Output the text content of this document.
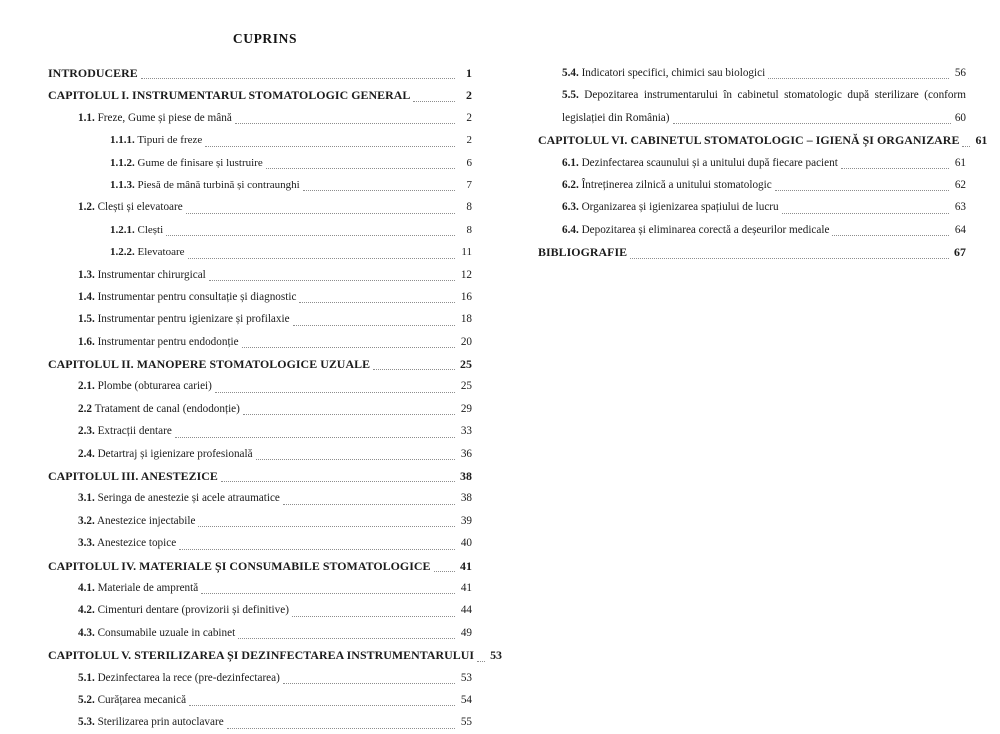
CUPRINS
INTRODUCERE	1
CAPITOLUL I. INSTRUMENTARUL STOMATOLOGIC GENERAL	2
1.1. Freze, Gume și piese de mână	2
1.1.1. Tipuri de freze	2
1.1.2. Gume de finisare și lustruire	6
1.1.3. Piesă de mână turbină și contraunghi	7
1.2. Clești și elevatoare	8
1.2.1. Clești	8
1.2.2. Elevatoare	11
1.3. Instrumentar chirurgical	12
1.4. Instrumentar pentru consultație și diagnostic	16
1.5. Instrumentar pentru igienizare și profilaxie	18
1.6. Instrumentar pentru endodonție	20
CAPITOLUL II. MANOPERE STOMATOLOGICE UZUALE	25
2.1. Plombe (obturarea cariei)	25
2.2 Tratament de canal (endodonție)	29
2.3. Extracții dentare	33
2.4. Detartraj și igienizare profesională	36
CAPITOLUL III. ANESTEZICE	38
3.1. Seringa de anestezie și acele atraumatice	38
3.2. Anestezice injectabile	39
3.3. Anestezice topice	40
CAPITOLUL IV. MATERIALE ȘI CONSUMABILE STOMATOLOGICE	41
4.1. Materiale de amprentă	41
4.2. Cimenturi dentare (provizorii și definitive)	44
4.3. Consumabile uzuale in cabinet	49
CAPITOLUL V. STERILIZAREA ȘI DEZINFECTAREA INSTRUMENTARULUI	53
5.1. Dezinfectarea la rece (pre-dezinfectarea)	53
5.2. Curățarea mecanică	54
5.3. Sterilizarea prin autoclavare	55
5.4. Indicatori specifici, chimici sau biologici	56
5.5. Depozitarea instrumentarului în cabinetul stomatologic după sterilizare (conform
legislației din România)	60
CAPITOLUL VI. CABINETUL STOMATOLOGIC – IGIENĂ ȘI ORGANIZARE	61
6.1. Dezinfectarea scaunului și a unitului după fiecare pacient	61
6.2. Întreținerea zilnică a unitului stomatologic	62
6.3. Organizarea și igienizarea spațiului de lucru	63
6.4. Depozitarea și eliminarea corectă a deșeurilor medicale	64
BIBLIOGRAFIE	67
